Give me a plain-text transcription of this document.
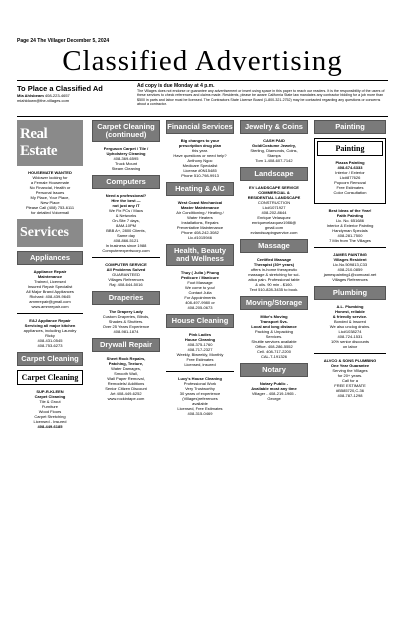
Page 24 The Villager December 5, 2024
Classified Advertising
To Place a Classified Ad
Mia Ahlsbeam 408-223-4657
miahldown@the-villages.com
Ad copy is due Monday at 4 p.m.
The Villages does not endorse or guarantee any advertisement or insert using space in this paper to reach our readers. It is the responsibility of the users of these services to check references and claims made. Residents, please be aware California State law mandates any contractor bidding for a job more than $500 in parts and labor must be licensed. The Contractors State License Board (1-800-321-2752) may be contacted regarding any questions or concerns about a contractor.
Real Estate
HOUSEMATE WANTED
Widower looking for
a Female Housemate
No Financial, Health or
Personal Issues
My Place, Your Place,
New Place
Please Call (408) 753-6111
for detailed Voicemail
Services
Appliances
Appliance Repair
Maintenance
Trained, Licensed
Insured Repair Specialist
All Major Brand Appliances
Richard: 408-439-9645
ammrepair@gmail.com
www.ammrepair.com
E&J Appliance Repair
Servicing all major kitchen
appliances, including Laundry
Ricky
408-431-0545
408-753-6273
Carpet Cleaning
Carpet Cleaning
SUP-R-KLEEN
Carpet Cleaning
Tile & Grout
Furniture
Wood Floors
Carpet Stretching
Licensed - Insured
408-449-6185
Carpet Cleaning (continued)
Ferguson Carpet / Tile /
Upholstery Cleaning
408-369-6595
Truck Mount
Steam Cleaning
Computers
Need a professional?
Hire the best —
not just any IT
We Fix PCs / Macs
& Networks
On-Site 7 days,
8AM-10PM
BBB A+, 2800 Clients,
Same day
408-866-5121
In business since 1988
Computerexpertscorp.com
COMPUTER SERVICE
All Problems Solved
GUARANTEED
Villages References
Raj: 408-644-5016
Draperies
The Drapery Lady
Custom Draperies, Blinds,
Shades & Shutters.
Over 25 Years Experience
408-981-1874
Drywall Repair
Sheet Rock Repairs,
Patching, Texture,
Water Damages,
Smooth Wall,
Wall Paper Removal,
Remodels/ Additions
Senior Citizen Discount
Art 408-449-6252
www.rockintape.com
Financial Services
Big changes to your
prescription drug plan
this year.
Have questions or need help?
Anthony Ngoc
Medicare Specialist
License #0N15485
Phone 510-798-9913
Heating & A/C
West Coast Mechanical
Master Maintenance
Air Conditioning / Heating /
Water Heaters
Installations, Repairs
Preventative Maintenance
Phone 408-242-3082
Lic.#1015946
Health, Beauty and Wellness
Thuy ( Julia ) Phung
Pedicure / Manicure
Foot Massage
We come to you!
Contact Julia
For Appointments
408-497-9980 or
408-205-0673
House Cleaning
Pink Ladies
House Cleaning
408-375-1760
408-717-2327
Weekly, Biweekly, Monthly
Free Estimates
Licensed, insured
Lucy's House Cleaning
Professional Work
Very Trustworthy
30 years of experience
(Villages)references
available
Licensed, Free Estimates
408-315-0469
Jewelry & Coins
CASH PAID
Gold/Costume Jewelry,
Sterling, Diamonds, Coins,
Stamps
Tom 1-408-607-7142
Landscape
EV LANDSCAPE SERVICE
COMMERCIAL &
RESIDENTIAL LANDSCAPE
CONSTRUCTION
Lic#1071927
408-202-8644
Enrique Velasquez
enriquevelazquez1986@
gmail.com
evlandscapingservice.com
Massage
Certified Massage
Therapist (30+ years)
offers in-home therapeutic
massage & stretching for sci-
atica pain. Professional table
& oils. 90 min - $160.
Text 510-828-3435 to book.
Moving/Storage
Mike's Moving
Transport Svs.
Local and long distance
Packing & Unpacking
Services.
Shuttle services available
Office. 408-286-5552
Cell. 408-717-2200
CAL-T-191326
Notary
Notary Public -
Available most any time
Villager - 408-219-1965 -
George
Painting
Painting
Piazza Painting
408-674-6333
Interior / Exterior
Lic#877626
Popcorn Removal
Free Estimates
Color Consultation
Best Ideas of the Year!
Faith Painting
Lic. No. 651686
Interior & Exterior Painting
Handyman Specials
408-281-7500
7 Min from The Villages
JAMES PAINTING
Villages Resident
Lic.No.509813,C33
408-210-0859
jamespainting1@comcast.net
Villages References
Plumbing
A.L. Plumbing
Honest, reliable
& friendly service.
Bonded & Insured
We also unclog drains.
Lic#1038274
408-724-1531
10% senior discounts
on labor
ALVCO & SONS PLUMBING
One Year Guarantee
Serving the Villages
for 20+ years.
Call for a
FREE ESTIMATE
#B585720,C-36
408-787-1298
